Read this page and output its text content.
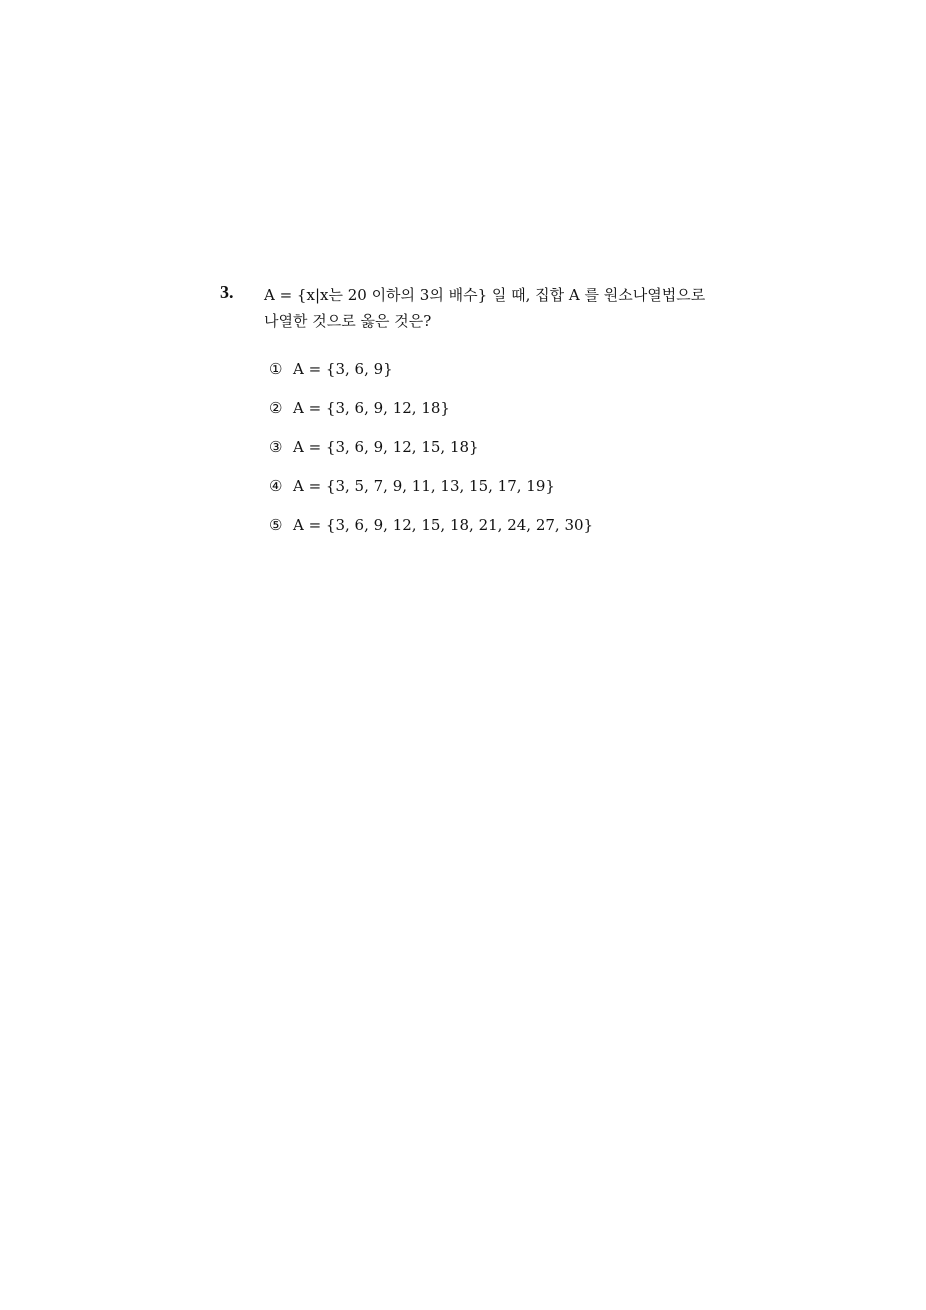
3. A = {x|x는 20 이하의 3의 배수} 일 때, 집합 A 를 원소나열법으로
나열한 것으로 옳은 것은?
① A = {3, 6, 9}
② A = {3, 6, 9, 12, 18}
③ A = {3, 6, 9, 12, 15, 18}
④ A = {3, 5, 7, 9, 11, 13, 15, 17, 19}
⑤ A = {3, 6, 9, 12, 15, 18, 21, 24, 27, 30}
